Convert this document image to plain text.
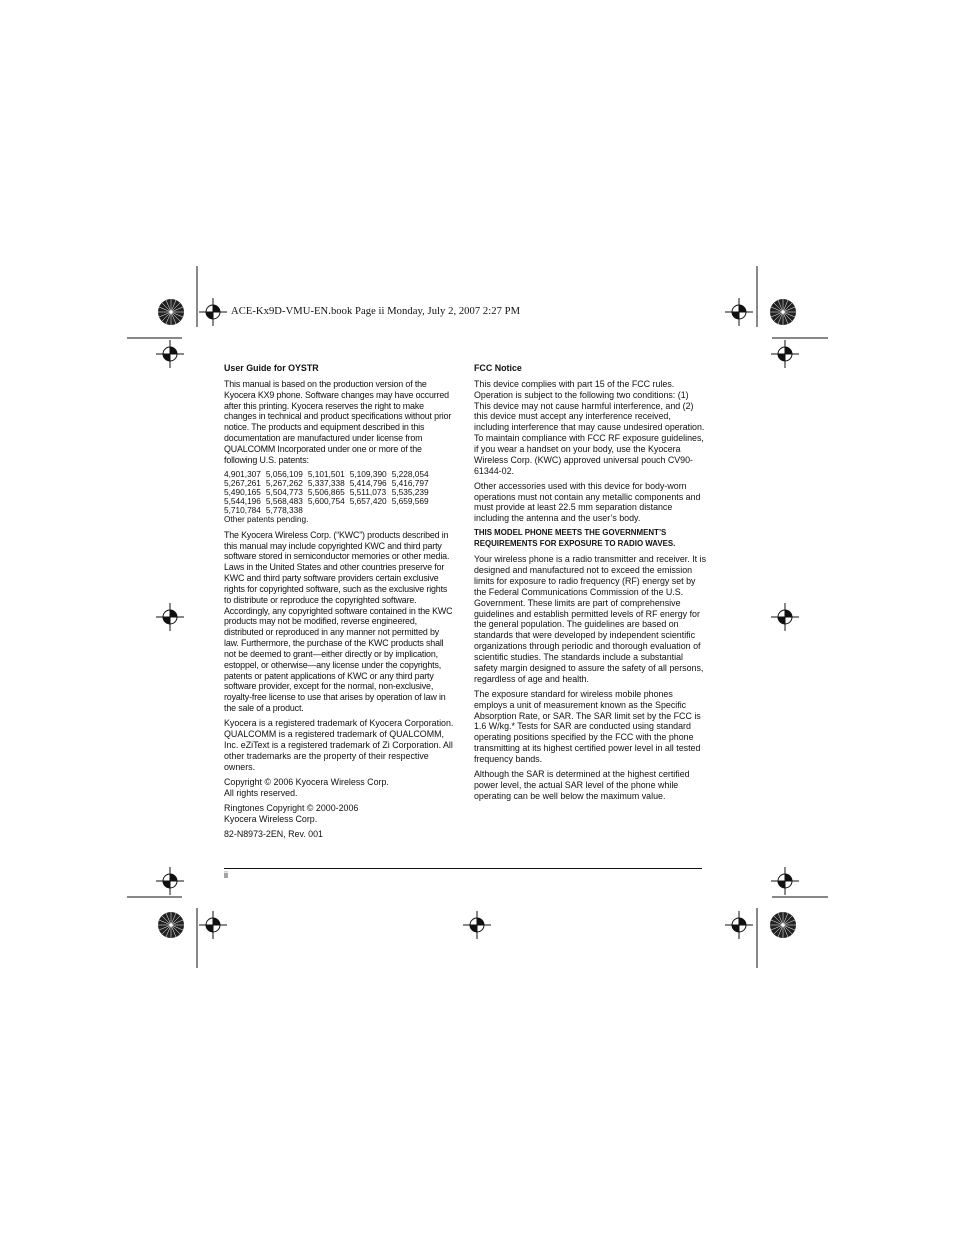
ACE-Kx9D-VMU-EN.book Page ii Monday, July 2, 2007 2:27 PM
User Guide for OYSTR

This manual is based on the production version of the Kyocera KX9 phone. Software changes may have occurred after this printing. Kyocera reserves the right to make changes in technical and product specifications without prior notice. The products and equipment described in this documentation are manufactured under license from QUALCOMM Incorporated under one or more of the following U.S. patents:

4,901,307	5,056,109	5,101,501	5,109,390	5,228,054
5,267,261	5,267,262	5,337,338	5,414,796	5,416,797
5,490,165	5,504,773	5,506,865	5,511,073	5,535,239
5,544,196	5,568,483	5,600,754	5,657,420	5,659,569
5,710,784	5,778,338			
Other patents pending.

The Kyocera Wireless Corp. (“KWC”) products described in this manual may include copyrighted KWC and third party software stored in semiconductor memories or other media. Laws in the United States and other countries preserve for KWC and third party software providers certain exclusive rights for copyrighted software, such as the exclusive rights to distribute or reproduce the copyrighted software. Accordingly, any copyrighted software contained in the KWC products may not be modified, reverse engineered, distributed or reproduced in any manner not permitted by law. Furthermore, the purchase of the KWC products shall not be deemed to grant—either directly or by implication, estoppel, or otherwise—any license under the copyrights, patents or patent applications of KWC or any third party software provider, except for the normal, non-exclusive, royalty-free license to use that arises by operation of law in the sale of a product.

Kyocera is a registered trademark of Kyocera Corporation. QUALCOMM is a registered trademark of QUALCOMM, Inc. eZiText is a registered trademark of Zi Corporation. All other trademarks are the property of their respective owners.

Copyright © 2006 Kyocera Wireless Corp.
All rights reserved.

Ringtones Copyright © 2000-2006
Kyocera Wireless Corp.

82-N8973-2EN, Rev. 001

FCC Notice

This device complies with part 15 of the FCC rules. Operation is subject to the following two conditions: (1) This device may not cause harmful interference, and (2) this device must accept any interference received, including interference that may cause undesired operation. To maintain compliance with FCC RF exposure guidelines, if you wear a handset on your body, use the Kyocera Wireless Corp. (KWC) approved universal pouch CV90-61344-02.

Other accessories used with this device for body-worn operations must not contain any metallic components and must provide at least 22.5 mm separation distance including the antenna and the user’s body.

THIS MODEL PHONE MEETS THE GOVERNMENT’S REQUIREMENTS FOR EXPOSURE TO RADIO WAVES.

Your wireless phone is a radio transmitter and receiver. It is designed and manufactured not to exceed the emission limits for exposure to radio frequency (RF) energy set by the Federal Communications Commission of the U.S. Government. These limits are part of comprehensive guidelines and establish permitted levels of RF energy for the general population. The guidelines are based on standards that were developed by independent scientific organizations through periodic and thorough evaluation of scientific studies. The standards include a substantial safety margin designed to assure the safety of all persons, regardless of age and health.

The exposure standard for wireless mobile phones employs a unit of measurement known as the Specific Absorption Rate, or SAR. The SAR limit set by the FCC is 1.6 W/kg.* Tests for SAR are conducted using standard operating positions specified by the FCC with the phone transmitting at its highest certified power level in all tested frequency bands.

Although the SAR is determined at the highest certified power level, the actual SAR level of the phone while operating can be well below the maximum value.

ii
